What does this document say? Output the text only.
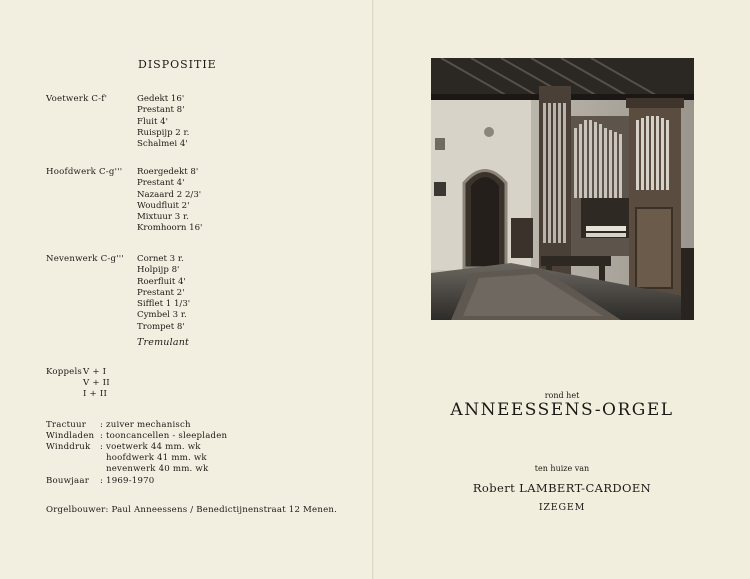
DISPOSITIE
Voetwerk C-f'	Gedekt 16'
Prestant 8'
Fluit 4'
Ruispijp 2 r.
Schalmei 4'
Hoofdwerk C-g''' Roergedekt 8'
Prestant 4'
Nazaard 2 2/3'
Woudfluit 2'
Mixtuur 3 r.
Kromhoorn 16'
Nevenwerk C-g''' Cornet 3 r.
Holpijp 8'
Roerfluit 4'
Prestant 2'
Sifflet 1 1/3'
Cymbel 3 r.
Trompet 8'
Tremulant
Koppels V + I
V + II
I + II
Tractuur : zuiver mechanisch
Windladen : tooncancellen - sleepladen
Winddruk : voetwerk 44 mm. wk
hoofdwerk 41 mm. wk
nevenwerk 40 mm. wk
Bouwjaar : 1969-1970
Orgelbouwer: Paul Anneessens / Benedictijnenstraat 12 Menen.
rond het
ANNEESSENS-ORGEL
ten huize van
Robert LAMBERT-CARDOEN
IZEGEM
